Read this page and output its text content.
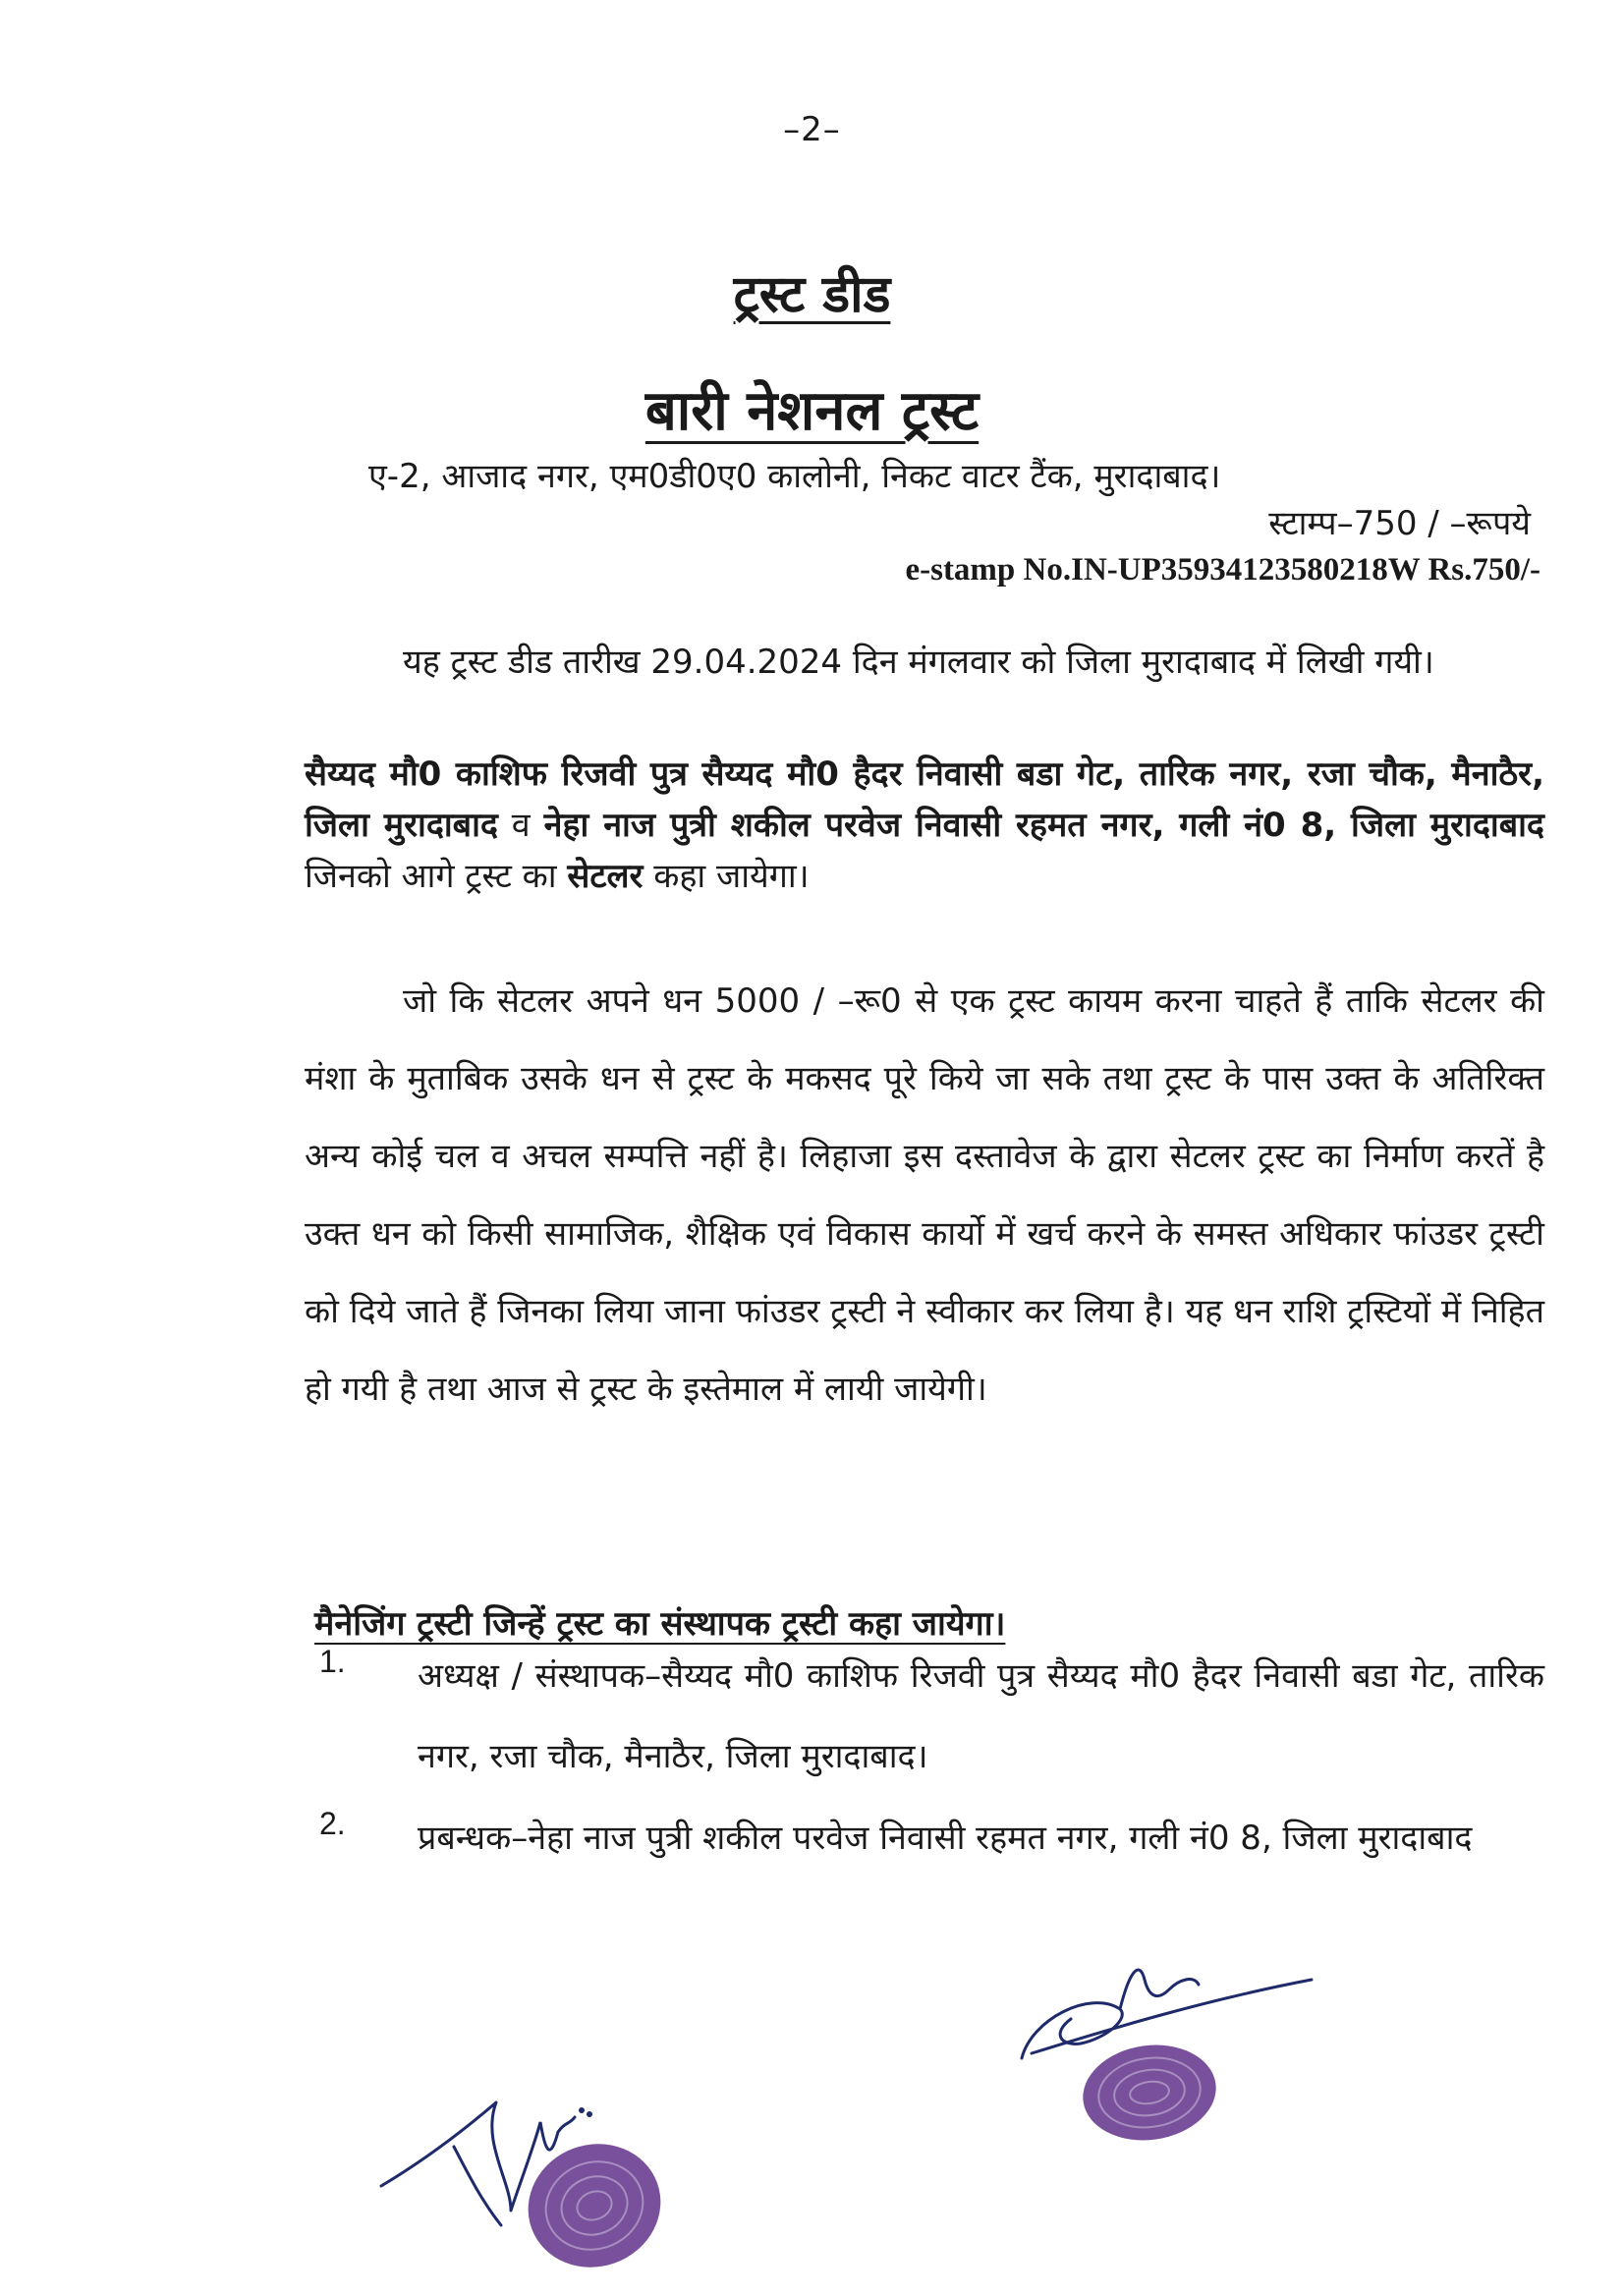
–2–
ट्रस्ट डीड
बारी नेशनल ट्रस्ट
ए-2, आजाद नगर, एम0डी0ए0 कालोनी, निकट वाटर टैंक, मुरादाबाद।
स्टाम्प–750 / –रूपये
e-stamp No.IN-UP35934123580218W Rs.750/-
यह ट्रस्ट डीड तारीख 29.04.2024 दिन मंगलवार को जिला मुरादाबाद में लिखी गयी।
सैय्यद मौ0 काशिफ रिजवी पुत्र सैय्यद मौ0 हैदर निवासी बडा गेट, तारिक नगर, रजा चौक, मैनाठैर, जिला मुरादाबाद व नेहा नाज पुत्री शकील परवेज निवासी रहमत नगर, गली नं0 8, जिला मुरादाबाद जिनको आगे ट्रस्ट का सेटलर कहा जायेगा।
जो कि सेटलर अपने धन 5000 / –रू0 से एक ट्रस्ट कायम करना चाहते हैं ताकि सेटलर की मंशा के मुताबिक उसके धन से ट्रस्ट के मकसद पूरे किये जा सके तथा ट्रस्ट के पास उक्त के अतिरिक्त अन्य कोई चल व अचल सम्पत्ति नहीं है। लिहाजा इस दस्तावेज के द्वारा सेटलर ट्रस्ट का निर्माण करतें है उक्त धन को किसी सामाजिक, शैक्षिक एवं विकास कार्यो में खर्च करने के समस्त अधिकार फांउडर ट्रस्टी को दिये जाते हैं जिनका लिया जाना फांउडर ट्रस्टी ने स्वीकार कर लिया है। यह धन राशि ट्रस्टियों में निहित हो गयी है तथा आज से ट्रस्ट के इस्तेमाल में लायी जायेगी।
मैनेजिंग ट्रस्टी जिन्हें ट्रस्ट का संस्थापक ट्रस्टी कहा जायेगा।
1. अध्यक्ष / संस्थापक–सैय्यद मौ0 काशिफ रिजवी पुत्र सैय्यद मौ0 हैदर निवासी बडा गेट, तारिक नगर, रजा चौक, मैनाठैर, जिला मुरादाबाद।
2. प्रबन्धक–नेहा नाज पुत्री शकील परवेज निवासी रहमत नगर, गली नं0 8, जिला मुरादाबाद
